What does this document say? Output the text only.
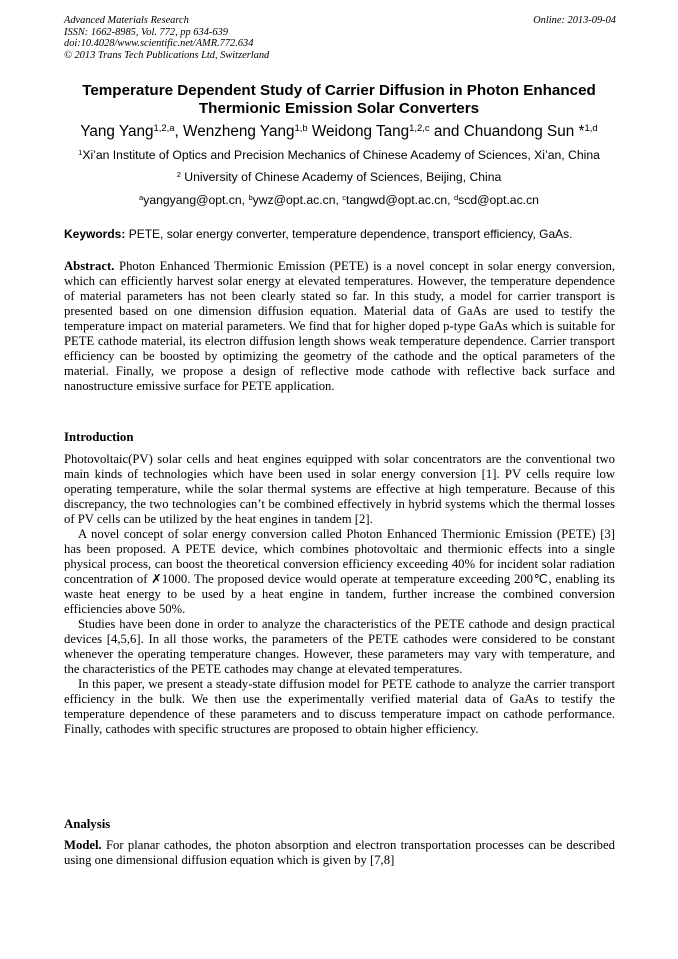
Advanced Materials Research
ISSN: 1662-8985, Vol. 772, pp 634-639
doi:10.4028/www.scientific.net/AMR.772.634
© 2013 Trans Tech Publications Ltd, Switzerland
Online: 2013-09-04
Temperature Dependent Study of Carrier Diffusion in Photon Enhanced
Thermionic Emission Solar Converters
Yang Yang$^{1,2,a}$, Wenzheng Yang$^{1,b}$ Weidong Tang$^{1,2,c}$ and Chuandong Sun *$^{1,d}$
$^1$Xi’an Institute of Optics and Precision Mechanics of Chinese Academy of Sciences, Xi’an, China
$^2$ University of Chinese Academy of Sciences, Beijing, China
$^a$yangyang@opt.cn, $^b$ywz@opt.ac.cn, $^c$tangwd@opt.ac.cn, $^d$scd@opt.ac.cn
Keywords: PETE, solar energy converter, temperature dependence, transport efficiency, GaAs.

Abstract. Photon Enhanced Thermionic Emission (PETE) is a novel concept in solar energy conversion, which can efficiently harvest solar energy at elevated temperatures. However, the temperature dependence of material parameters has not been clearly stated so far. In this study, a model for carrier transport is presented based on one dimension diffusion equation. Material data of GaAs are used to testify the temperature impact on material parameters. We find that for higher doped p-type GaAs which is suitable for PETE cathode material, its electron diffusion length shows weak temperature dependence. Carrier transport efficiency can be boosted by optimizing the geometry of the cathode and the optical parameters of the material. Finally, we propose a design of reflective mode cathode with reflective back surface and nanostructure emissive surface for PETE application.

Introduction

Photovoltaic(PV) solar cells and heat engines equipped with solar concentrators are the conventional two main kinds of technologies which have been used in solar energy conversion [1]. PV cells require low operating temperature, while the solar thermal systems are effective at high temperature. Because of this discrepancy, the two technologies can’t be combined effectively in hybrid systems which the thermal losses of PV cells can be utilized by the heat engines in tandem [2].

A novel concept of solar energy conversion called Photon Enhanced Thermionic Emission (PETE) [3] has been proposed. A PETE device, which combines photovoltaic and thermionic effects into a single physical process, can boost the theoretical conversion efficiency exceeding 40% for incident solar radiation concentration of ✗1000. The proposed device would operate at temperature exceeding 200℃, enabling its waste heat energy to be used by a heat engine in tandem, further increase the combined conversion efficiencies above 50%.

Studies have been done in order to analyze the characteristics of the PETE cathode and design practical devices [4,5,6]. In all those works, the parameters of the PETE cathodes were considered to be constant whenever the operating temperature changes. However, these parameters may vary with temperature, and the characteristics of the PETE cathodes may change at elevated temperatures.

In this paper, we present a steady-state diffusion model for PETE cathode to analyze the carrier transport efficiency in the bulk. We then use the experimentally verified material data of GaAs to testify the temperature dependence of these parameters and to discuss temperature impact on cathode performance. Finally, cathodes with specific structures are proposed to obtain higher efficiency.

Analysis

Model. For planar cathodes, the photon absorption and electron transportation processes can be described using one dimensional diffusion equation which is given by [7,8]
